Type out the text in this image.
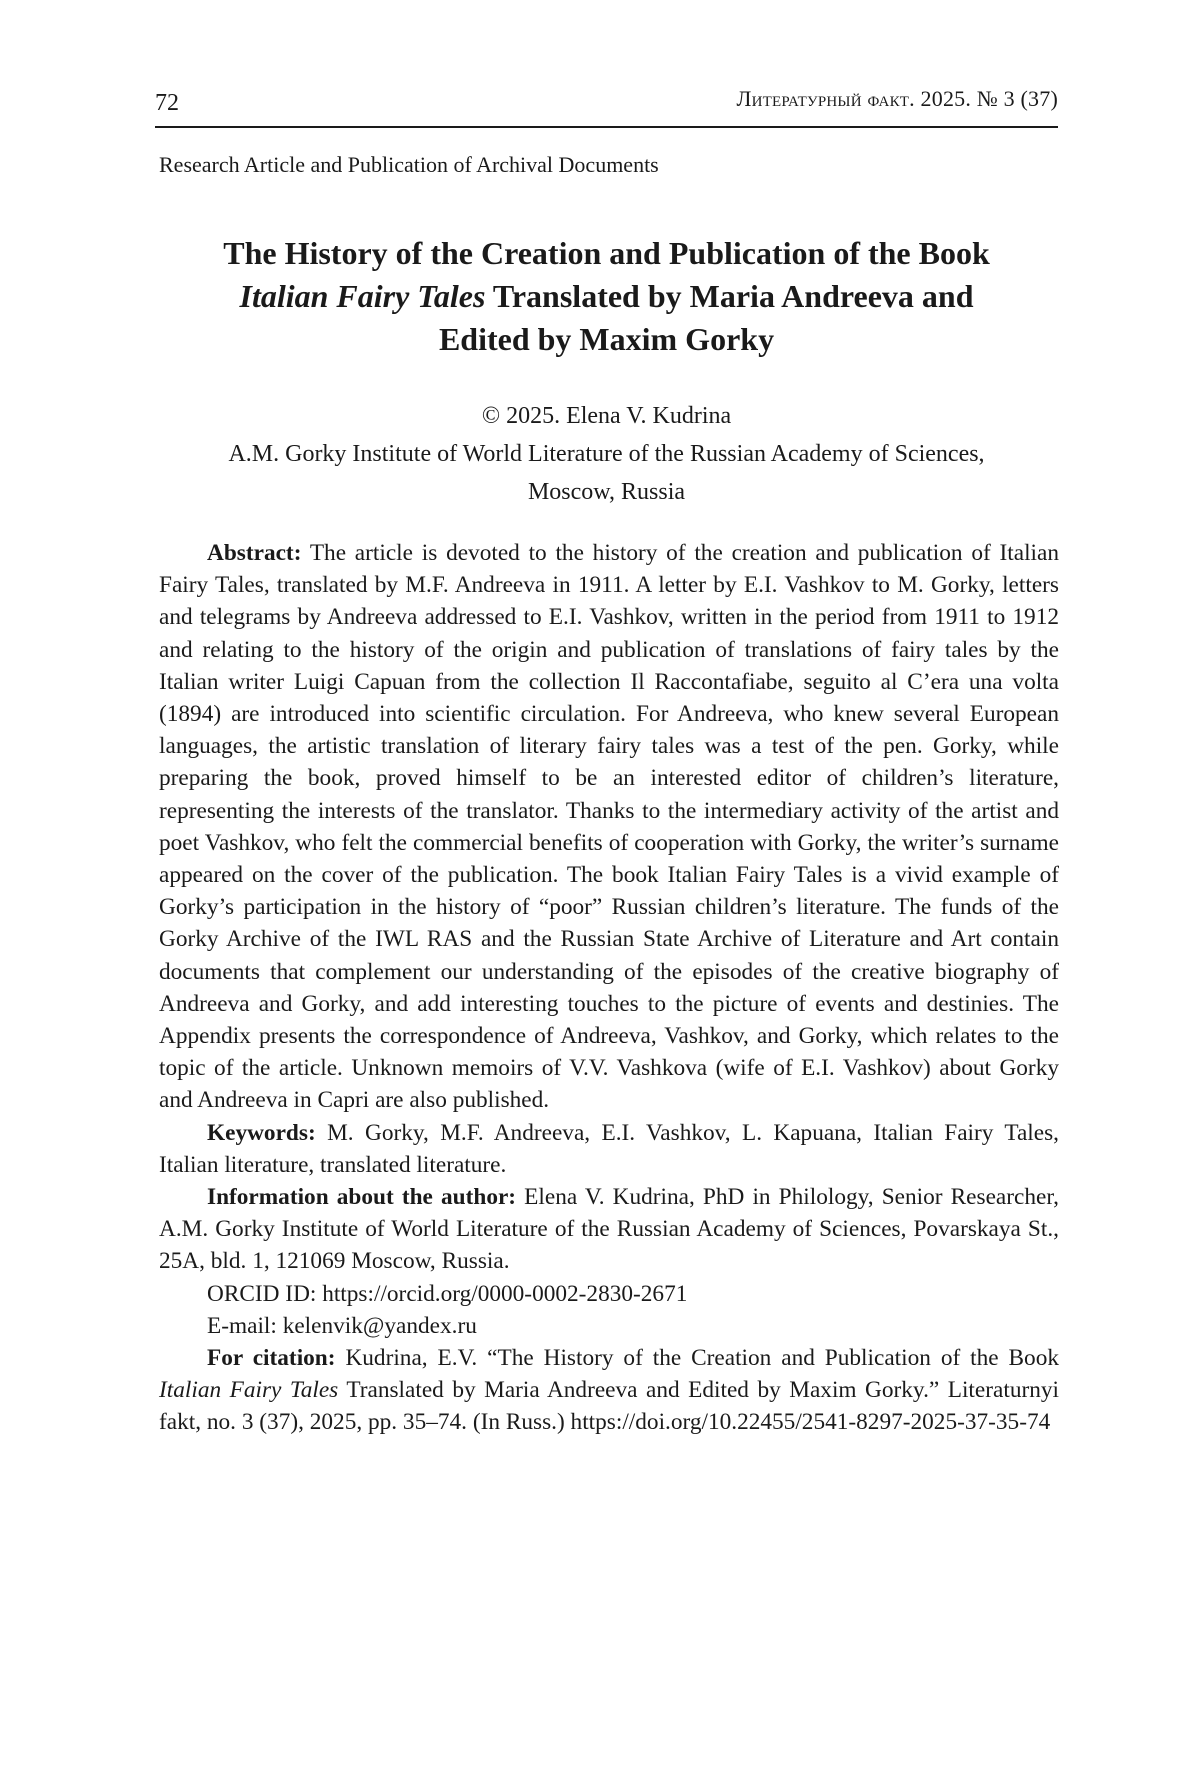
72	Литературный факт. 2025. № 3 (37)
Research Article and Publication of Archival Documents
The History of the Creation and Publication of the Book
Italian Fairy Tales Translated by Maria Andreeva and
Edited by Maxim Gorky
© 2025. Elena V. Kudrina
A.M. Gorky Institute of World Literature of the Russian Academy of Sciences,
Moscow, Russia

Abstract: The article is devoted to the history of the creation and publication of Italian Fairy Tales, translated by M.F. Andreeva in 1911. A letter by E.I. Vashkov to M. Gorky, letters and telegrams by Andreeva addressed to E.I. Vashkov, written in the period from 1911 to 1912 and relating to the history of the origin and publication of translations of fairy tales by the Italian writer Luigi Capuan from the collection Il Raccontafiabe, seguito al C’era una volta (1894) are introduced into scientific circulation. For Andreeva, who knew several European languages, the artistic translation of literary fairy tales was a test of the pen. Gorky, while preparing the book, proved himself to be an interested editor of children’s literature, representing the interests of the translator. Thanks to the intermediary activity of the artist and poet Vashkov, who felt the commercial benefits of cooperation with Gorky, the writer’s surname appeared on the cover of the publication. The book Italian Fairy Tales is a vivid example of Gorky’s participation in the history of “poor” Russian children’s literature. The funds of the Gorky Archive of the IWL RAS and the Russian State Archive of Literature and Art contain documents that complement our understanding of the episodes of the creative biography of Andreeva and Gorky, and add interesting touches to the picture of events and destinies. The Appendix presents the correspondence of Andreeva, Vashkov, and Gorky, which relates to the topic of the article. Unknown memoirs of V.V. Vashkova (wife of E.I. Vashkov) about Gorky and Andreeva in Capri are also published.

Keywords: M. Gorky, M.F. Andreeva, E.I. Vashkov, L. Kapuana, Italian Fairy Tales, Italian literature, translated literature.

Information about the author: Elena V. Kudrina, PhD in Philology, Senior Researcher, A.M. Gorky Institute of World Literature of the Russian Academy of Sciences, Povarskaya St., 25A, bld. 1, 121069 Moscow, Russia.

ORCID ID: https://orcid.org/0000-0002-2830-2671

E-mail: kelenvik@yandex.ru

For citation: Kudrina, E.V. “The History of the Creation and Publication of the Book Italian Fairy Tales Translated by Maria Andreeva and Edited by Maxim Gorky.” Literaturnyi fakt, no. 3 (37), 2025, pp. 35–74. (In Russ.) https://doi.org/10.22455/2541-8297-2025-37-35-74
